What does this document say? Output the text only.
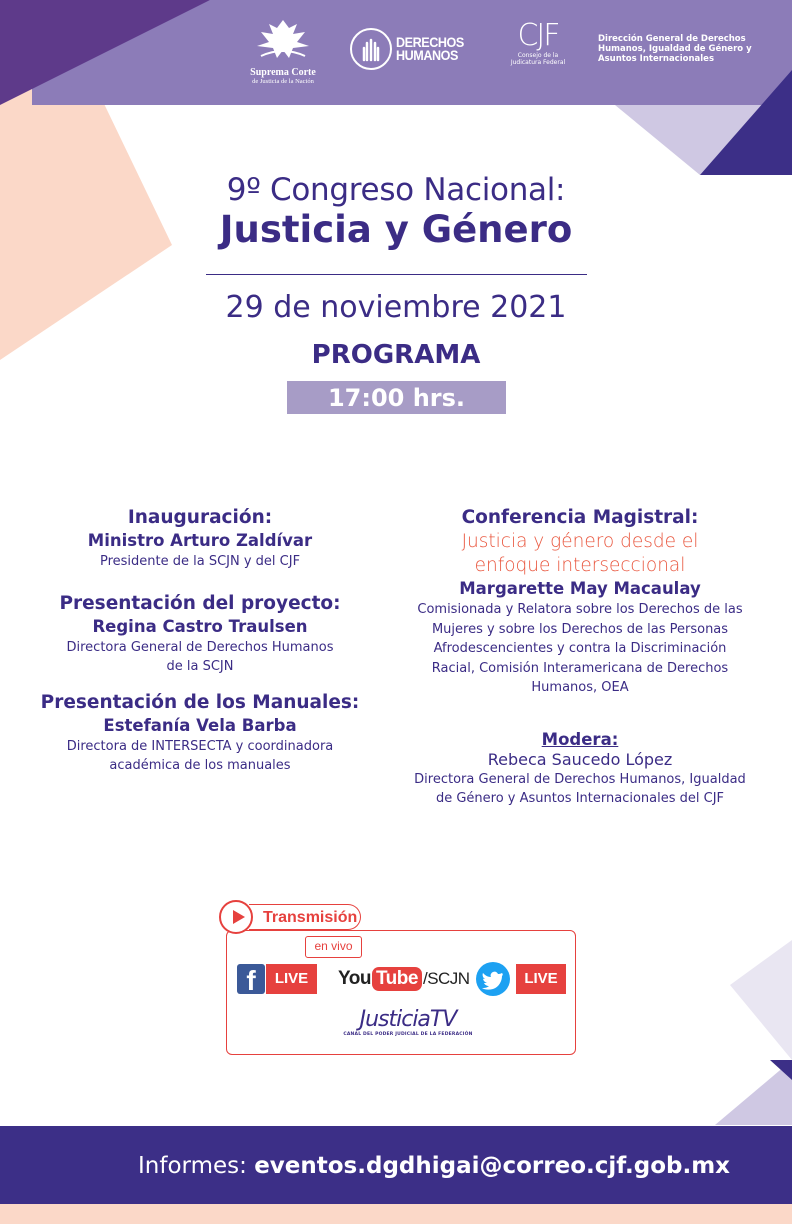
Suprema Corte
de Justicia de la Nación
DERECHOS
HUMANOS
CJF
Consejo de la
Judicatura Federal
Dirección General de Derechos
Humanos, Igualdad de Género y
Asuntos Internacionales
9º Congreso Nacional:
Justicia y Género
29 de noviembre 2021
PROGRAMA
17:00 hrs.
Inauguración:
Ministro Arturo Zaldívar
Presidente de la SCJN y del CJF
Presentación del proyecto:
Regina Castro Traulsen
Directora General de Derechos Humanos
de la SCJN
Presentación de los Manuales:
Estefanía Vela Barba
Directora de INTERSECTA y coordinadora
académica de los manuales
Conferencia Magistral:
Justicia y género desde el
enfoque interseccional
Margarette May Macaulay
Comisionada y Relatora sobre los Derechos de las
Mujeres y sobre los Derechos de las Personas
Afrodescencientes y contra la Discriminación
Racial, Comisión Interamericana de Derechos
Humanos, OEA
Modera:
Rebeca Saucedo López
Directora General de Derechos Humanos, Igualdad
de Género y Asuntos Internacionales del CJF
Transmisión
en vivo
f	LIVE	You Tube /SCJN	LIVE
JusticiaTV
CANAL DEL PODER JUDICIAL DE LA FEDERACIÓN
Informes: eventos.dgdhigai@correo.cjf.gob.mx
